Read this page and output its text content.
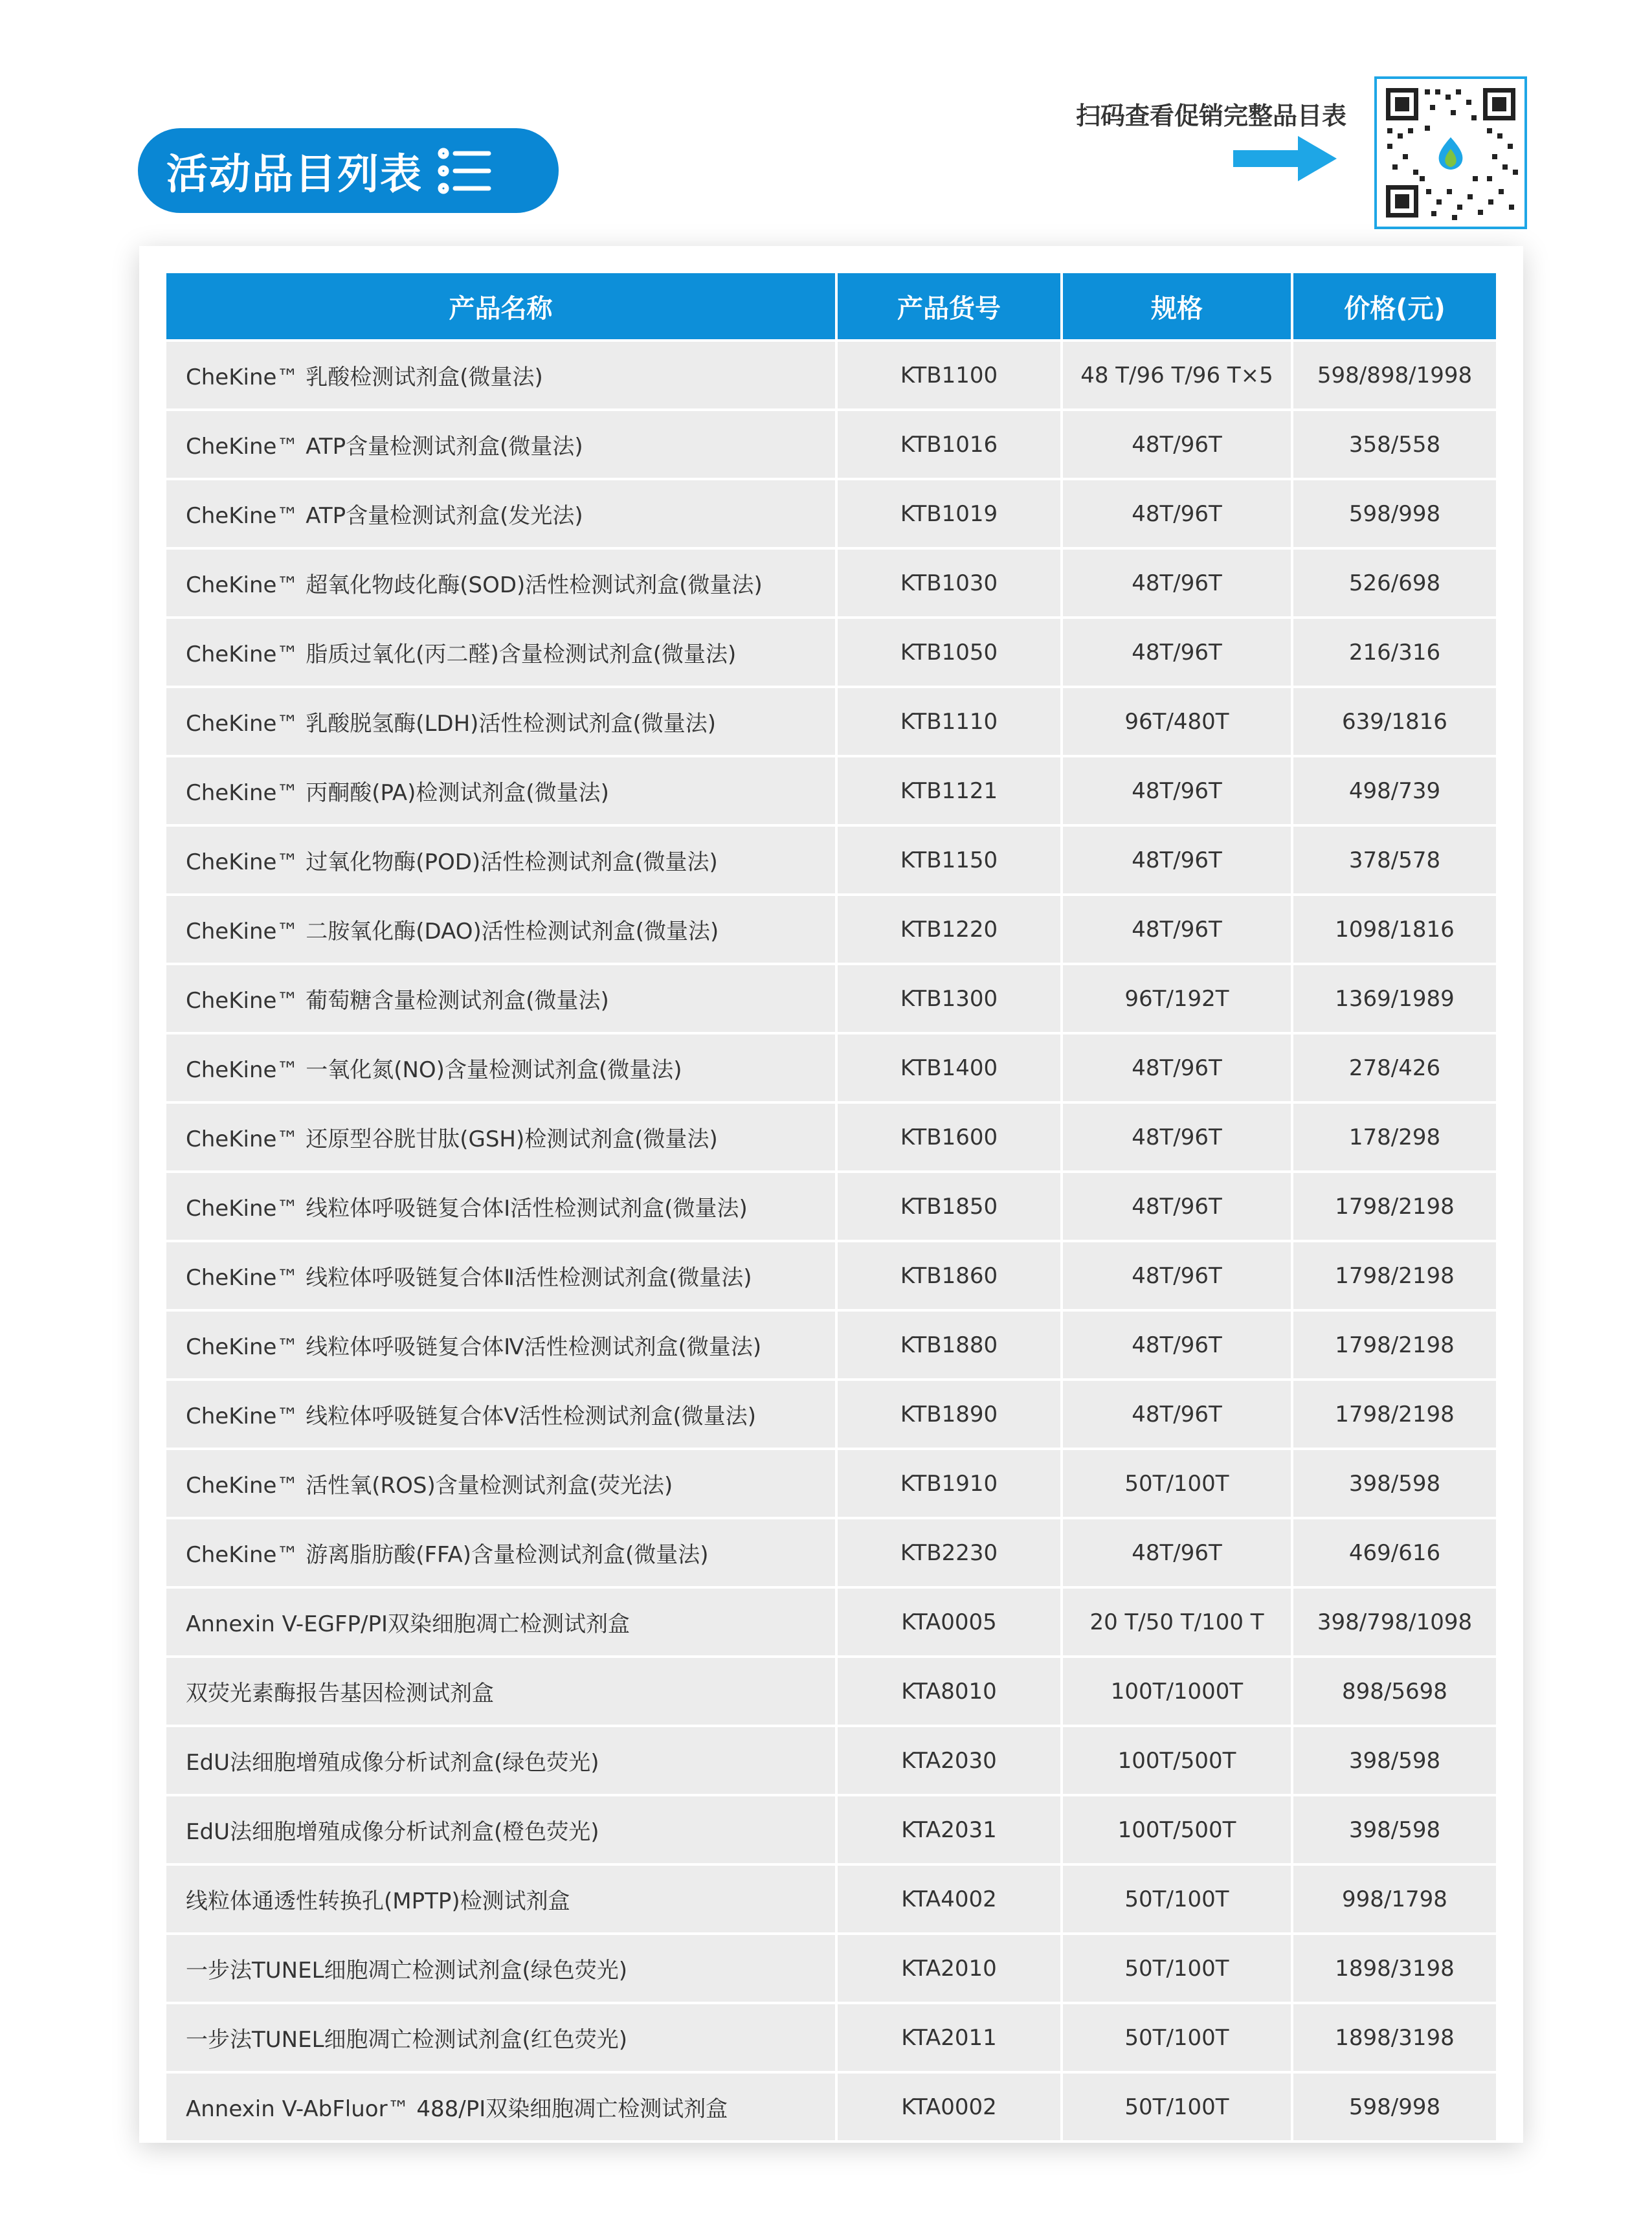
活动品目列表
扫码查看促销完整品目表
产品名称	产品货号	规格	价格(元)
CheKine™ 乳酸检测试剂盒(微量法)	KTB1100	48 T/96 T/96 T×5	598/898/1998
CheKine™ ATP含量检测试剂盒(微量法)	KTB1016	48T/96T	358/558
CheKine™ ATP含量检测试剂盒(发光法)	KTB1019	48T/96T	598/998
CheKine™ 超氧化物歧化酶(SOD)活性检测试剂盒(微量法)	KTB1030	48T/96T	526/698
CheKine™ 脂质过氧化(丙二醛)含量检测试剂盒(微量法)	KTB1050	48T/96T	216/316
CheKine™ 乳酸脱氢酶(LDH)活性检测试剂盒(微量法)	KTB1110	96T/480T	639/1816
CheKine™ 丙酮酸(PA)检测试剂盒(微量法)	KTB1121	48T/96T	498/739
CheKine™ 过氧化物酶(POD)活性检测试剂盒(微量法)	KTB1150	48T/96T	378/578
CheKine™ 二胺氧化酶(DAO)活性检测试剂盒(微量法)	KTB1220	48T/96T	1098/1816
CheKine™ 葡萄糖含量检测试剂盒(微量法)	KTB1300	96T/192T	1369/1989
CheKine™ 一氧化氮(NO)含量检测试剂盒(微量法)	KTB1400	48T/96T	278/426
CheKine™ 还原型谷胱甘肽(GSH)检测试剂盒(微量法)	KTB1600	48T/96T	178/298
CheKine™ 线粒体呼吸链复合体Ⅰ活性检测试剂盒(微量法)	KTB1850	48T/96T	1798/2198
CheKine™ 线粒体呼吸链复合体Ⅱ活性检测试剂盒(微量法)	KTB1860	48T/96T	1798/2198
CheKine™ 线粒体呼吸链复合体Ⅳ活性检测试剂盒(微量法)	KTB1880	48T/96T	1798/2198
CheKine™ 线粒体呼吸链复合体Ⅴ活性检测试剂盒(微量法)	KTB1890	48T/96T	1798/2198
CheKine™ 活性氧(ROS)含量检测试剂盒(荧光法)	KTB1910	50T/100T	398/598
CheKine™ 游离脂肪酸(FFA)含量检测试剂盒(微量法)	KTB2230	48T/96T	469/616
Annexin V-EGFP/PI双染细胞凋亡检测试剂盒	KTA0005	20 T/50 T/100 T	398/798/1098
双荧光素酶报告基因检测试剂盒	KTA8010	100T/1000T	898/5698
EdU法细胞增殖成像分析试剂盒(绿色荧光)	KTA2030	100T/500T	398/598
EdU法细胞增殖成像分析试剂盒(橙色荧光)	KTA2031	100T/500T	398/598
线粒体通透性转换孔(MPTP)检测试剂盒	KTA4002	50T/100T	998/1798
一步法TUNEL细胞凋亡检测试剂盒(绿色荧光)	KTA2010	50T/100T	1898/3198
一步法TUNEL细胞凋亡检测试剂盒(红色荧光)	KTA2011	50T/100T	1898/3198
Annexin V-AbFluor™ 488/PI双染细胞凋亡检测试剂盒	KTA0002	50T/100T	598/998
